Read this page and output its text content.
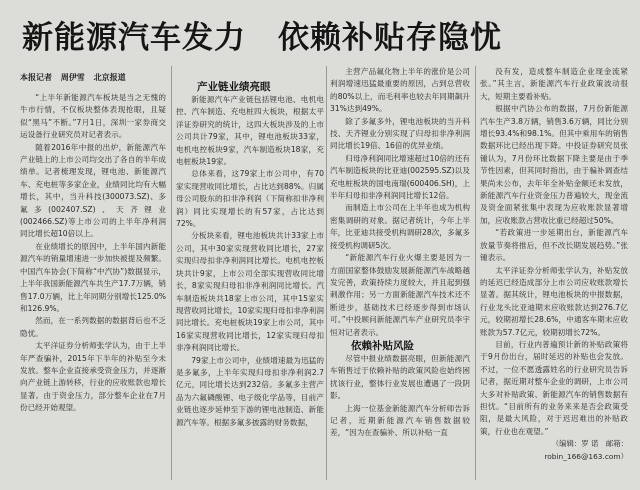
新能源汽车发力　依赖补贴存隐忧
本报记者 周伊雪 北京报道

“上半年新能源汽车板块是当之无愧的牛市行情，不仅板块整体表现抢眼，且疑似“黑马”不断。”7月1日，深圳一家券商交运设备行业研究员对记者表示。

随着2016年中报的出炉，新能源汽车产业链上的上市公司均交出了各自的半年成绩单。记者梳理发现，锂电池、新能源汽车、充电桩等多家企业，业绩同比均有大幅增长，其中，当升科技(300073.SZ)、多氟多(002407.SZ)、天齐锂业(002466.SZ)等上市公司的上半年净利润同比增长超10倍以上。

在业绩增长的原因中，上半年国内新能源汽车的销量增速进一步加快被提及频繁。中国汽车协会(下简称“中汽协”)数据显示，上半年我国新能源汽车共生产17.7万辆，销售17.0万辆，比上年同期分别增长125.0%和126.9%。

然而，在一系列数据的数据背后也不乏隐忧。

太平洋证券分析师张学认为，由于上半年严查骗补，2015年下半年的补贴至今未发放。整车企业直接承受资金压力，并逐渐向产业链上游转移，行业的应收账款也增长显著。由于资金压力，部分整车企业在7月份已经开始观望。

产业链业绩亮眼

新能源汽车产业链包括锂电池、电机电控、汽车制造、充电桩四大板块，根据太平洋证券研究的统计，这四大板块涉及的上市公司共计79家，其中，锂电池板块33家，电机电控板块9家，汽车制造板块18家，充电桩板块19家。

总体来看，这79家上市公司中，有70家实现营收同比增长，占比达到88%。归属母公司股东的扣非净利润（下简称扣非净利润）同比实现增长的有57家，占比达到72%。

分板块来看，锂电池板块共计33家上市公司，其中30家实现营收同比增长，27家实现归母扣非净利润同比增长。电机电控板块共计9家，上市公司全部实现营收同比增长，8家实现归母扣非净利润同比增长。汽车制造板块共18家上市公司，其中15家实现营收同比增长，10家实现归母扣非净利润同比增长。充电桩板块19家上市公司，其中16家实现营收同比增长，12家实现归母扣非净利润同比增长。

79家上市公司中，业绩增速最为迅猛的是多氟多，上半年实现归母扣非净利润2.7亿元，同比增长达到232倍。多氟多主营产品为六氟磷酸锂、电子级化学品等，目前产业链也逐步延伸至下游的锂电池制造、新能源汽车等。根据多氟多披露的财务数据，

主营产品氟化物上半年的涨价是公司利润增速迅猛最重要的原因，占到总营收的80%以上，而毛利率也较去年同期飙升31%达到49%。

除了多氟多外，锂电池板块的当升科技、天齐锂业分别实现了归母扣非净利润同比增长19倍、16倍的优异业绩。

归母净利润同比增速超过10倍的还有汽车制造板块的比亚迪(002595.SZ)以及充电桩板块的国电南瑞(600406.SH)，上半年归母扣非净利润同比增长12倍。

而制造上市公司在上半年也成为机构密集调研的对象。据记者统计，今年上半年，比亚迪共接受机构调研28次，多氟多接受机构调研5次。

“新能源汽车行业火爆主要是因为一方面国家整体鼓励发展新能源汽车战略越发完善，政策持续力度较大，并且起到强刺激作用；另一方面新能源汽车技术还不断进步，基础技术已经逐步得到市场认可。”中投顾问新能源汽车产业研究员李宇恒对记者表示。

依赖补贴风险

尽管中报业绩数据亮眼，但新能源汽车销售过于依赖补贴的政策风险也始终困扰该行业，整体行业发展也遭遇了一段阴影。

上海一位基金新能源汽车分析师告诉记者，近期新能源汽车销售数据较差，“因为在查骗补、所以补贴一直

没有发，造成整车制造企业现金流紧张。”其主言，新能源汽车行业政策波动很大，短期主要看补贴。

根据中汽协公布的数据，7月份新能源汽车生产3.8万辆，销售3.6万辆，同比分别增长93.4%和98.1%。但其中乘用车的销售数据环比已经出现下降。中投证券研究员张锺认为，7月份环比数据下降主要是由于季节性因素，但其同时指出，由于骗补调查结果尚未公布，去年年全补贴金额还未发放，新能源汽车行业资金压力普遍较大，现金流及资金面紧张集中表现为应收账款显著增加，应收账款占营收比重已经超过50%。

“若政策进一步延期出台，新能源汽车放量节奏将推后，但不改长期发展趋势。”张锺表示。

太平洋证券分析师张学认为，补贴发放的延迟已经造成部分上市公司应收账款增长显著。据其统计，锂电池板块的中报数据，行业龙头比亚迪期末应收账款达到276.7亿元，较期初增长28.6%，中通客车期末应收账款为57.7亿元，较期初增长72%。

目前，行业内普遍预计新的补贴政策将于9月份出台，届时延迟的补贴也会发放。不过，一位不愿透露姓名的行业研究员告诉记者，据近期对整车企业的调研，上市公司大多对补贴政策、新能源汽车的销售数据有担忧。“目前所有的业务来来是否会政策受阻，是最大风险，对于迟迟难出的补贴政策，行业也在观望。”

（编辑：罗 诺　邮箱：robin_166@163.com）
